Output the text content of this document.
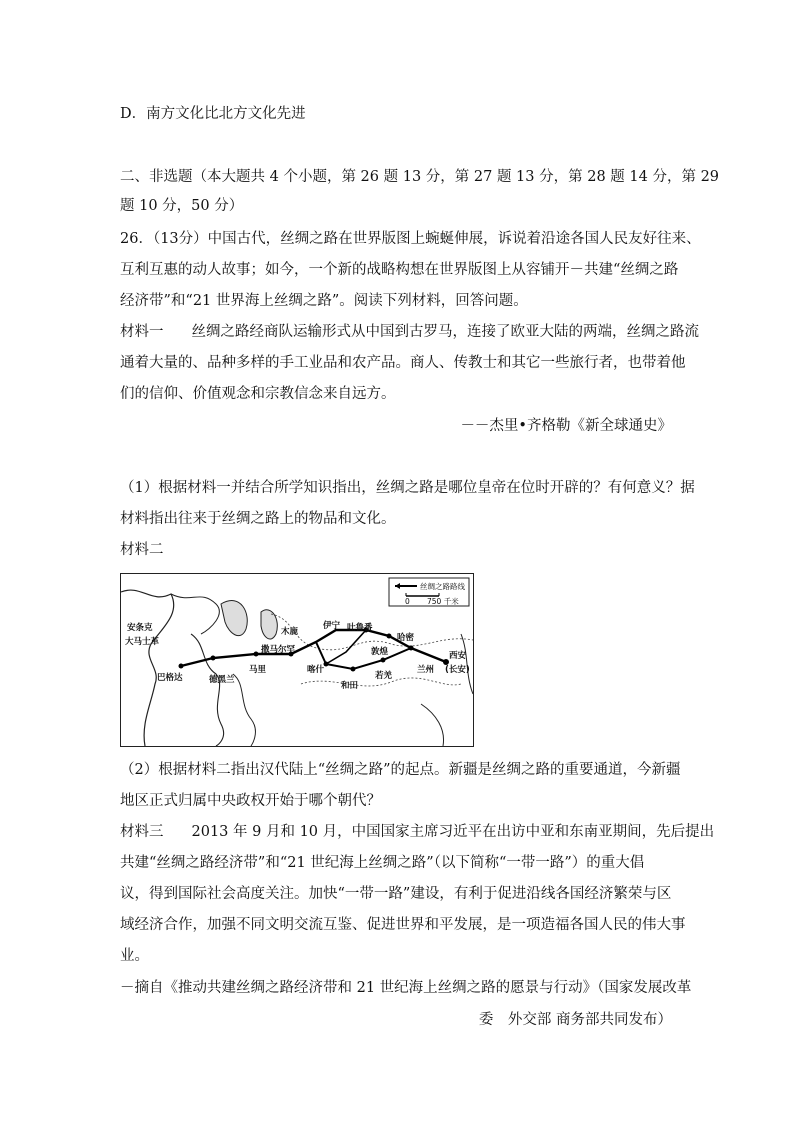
D．南方文化比北方文化先进
二、非选题（本大题共 4 个小题，第 26 题 13 分，第 27 题 13 分，第 28 题 14 分，第 29
题 10 分，50 分）
26．（13分）中国古代，丝绸之路在世界版图上蜿蜒伸展，诉说着沿途各国人民友好往来、
互利互惠的动人故事；如今，一个新的战略构想在世界版图上从容铺开－共建“丝绸之路
经济带”和“21 世界海上丝绸之路”。阅读下列材料，回答问题。
材料一 丝绸之路经商队运输形式从中国到古罗马，连接了欧亚大陆的两端，丝绸之路流
通着大量的、品种多样的手工业品和农产品。商人、传教士和其它一些旅行者，也带着他
们的信仰、价值观念和宗教信念来自远方。
－－杰里•齐格勒《新全球通史》
（1）根据材料一并结合所学知识指出，丝绸之路是哪位皇帝在位时开辟的？有何意义？据
材料指出往来于丝绸之路上的物品和文化。
材料二
丝绸之路路线
0 750 千米
安条克
大马士革
巴格达	德黑兰
马里
撒马尔罕
喀什
伊宁 吐鲁番
哈密
敦煌
和田
若羌
兰州
西安
(长安)
木鹿
（2）根据材料二指出汉代陆上“丝绸之路”的起点。新疆是丝绸之路的重要通道，今新疆
地区正式归属中央政权开始于哪个朝代？
材料三 2013 年 9 月和 10 月，中国国家主席习近平在出访中亚和东南亚期间，先后提出
共建“丝绸之路经济带”和“21 世纪海上丝绸之路”（以下简称“一带一路”）的重大倡
议，得到国际社会高度关注。加快“一带一路”建设，有利于促进沿线各国经济繁荣与区
域经济合作，加强不同文明交流互鉴、促进世界和平发展，是一项造福各国人民的伟大事
业。
－摘自《推动共建丝绸之路经济带和 21 世纪海上丝绸之路的愿景与行动》（国家发展改革
委　外交部 商务部共同发布）
